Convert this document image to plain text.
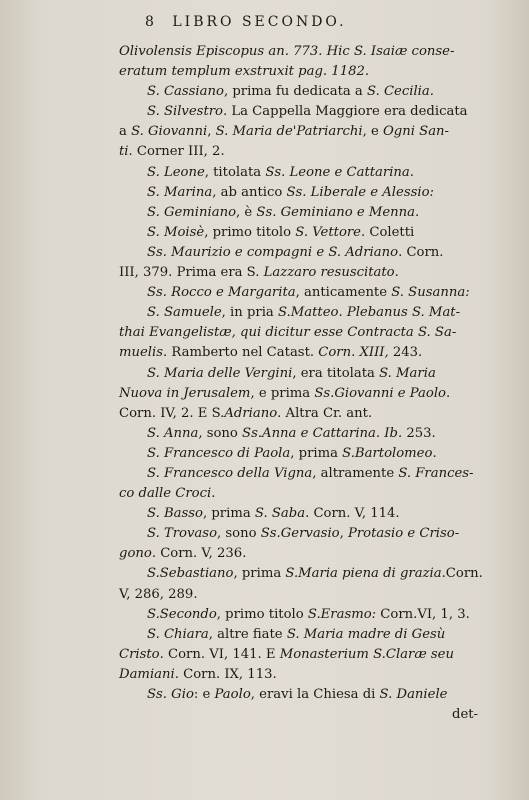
8 LIBRO SECONDO.
Olivolensis Episcopus an. 773. Hic S. Isaiæ conse-
eratum templum exstruxit pag. 1182.
S. Cassiano, prima fu dedicata a S. Cecilia.
S. Silvestro. La Cappella Maggiore era dedicata
a S. Giovanni, S. Maria de'Patriarchi, e Ogni San-
ti. Corner III, 2.
S. Leone, titolata Ss. Leone e Cattarina.
S. Marina, ab antico Ss. Liberale e Alessio:
S. Geminiano, è Ss. Geminiano e Menna.
S. Moisè, primo titolo S. Vettore. Coletti
Ss. Maurizio e compagni e S. Adriano. Corn.
III, 379. Prima era S. Lazzaro resuscitato.
Ss. Rocco e Margarita, anticamente S. Susanna:
S. Samuele, in pria S.Matteo. Plebanus S. Mat-
thai Evangelistæ, qui dicitur esse Contracta S. Sa-
muelis. Ramberto nel Catast. Corn. XIII, 243.
S. Maria delle Vergini, era titolata S. Maria
Nuova in Jerusalem, e prima Ss.Giovanni e Paolo.
Corn. IV, 2. E S.Adriano. Altra Cr. ant.
S. Anna, sono Ss.Anna e Cattarina. Ib. 253.
S. Francesco di Paola, prima S.Bartolomeo.
S. Francesco della Vigna, altramente S. Frances-
co dalle Croci.
S. Basso, prima S. Saba. Corn. V, 114.
S. Trovaso, sono Ss.Gervasio, Protasio e Criso-
gono. Corn. V, 236.
S.Sebastiano, prima S.Maria piena di grazia.Corn.
V, 286, 289.
S.Secondo, primo titolo S.Erasmo: Corn.VI, 1, 3.
S. Chiara, altre fiate S. Maria madre di Gesù
Cristo. Corn. VI, 141. E Monasterium S.Claræ seu
Damiani. Corn. IX, 113.
Ss. Gio: e Paolo, eravi la Chiesa di S. Daniele
det-
